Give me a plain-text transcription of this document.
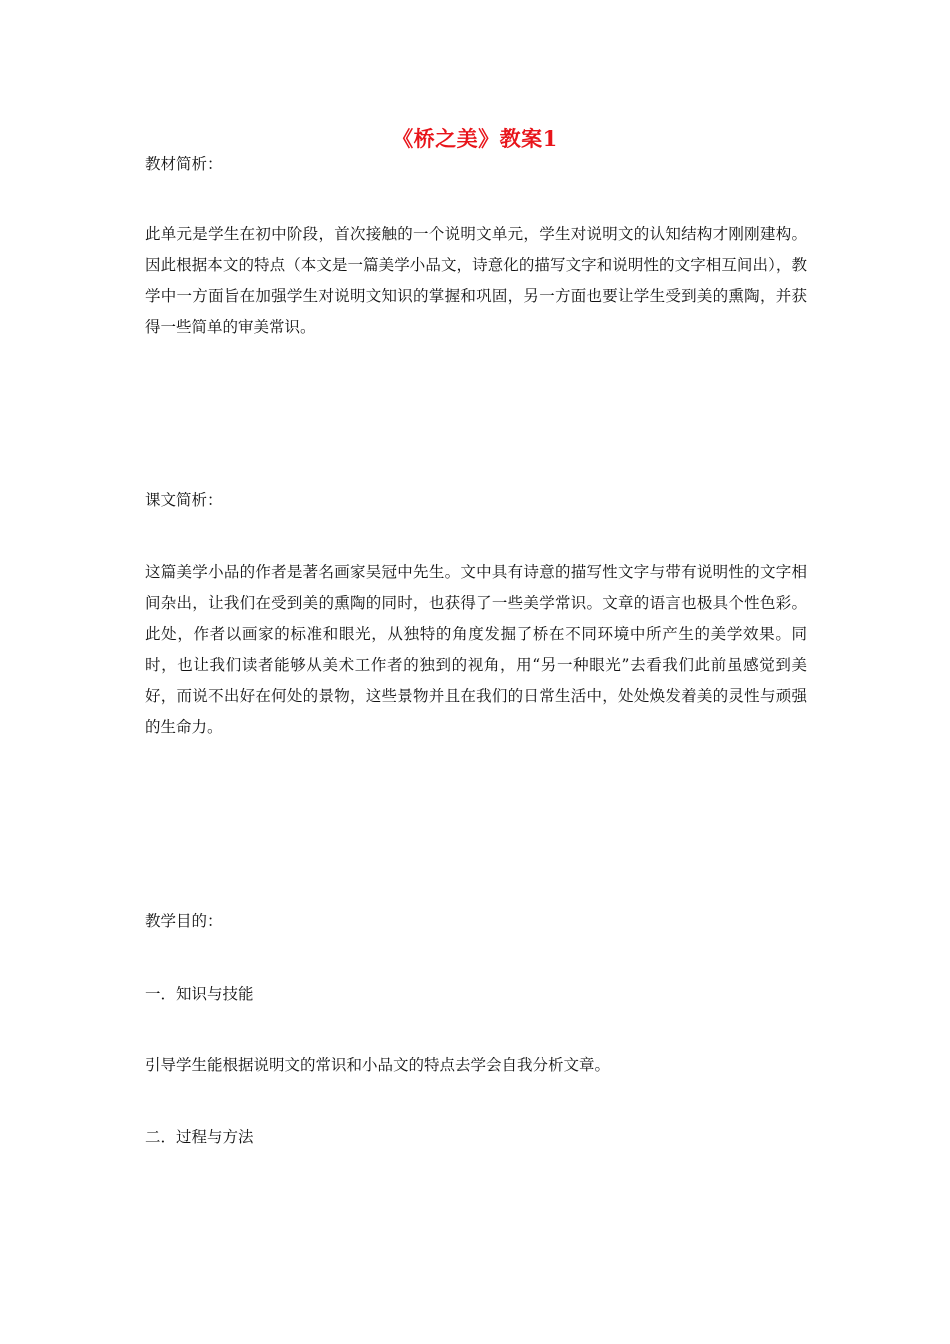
《桥之美》教案1
教材简析：

此单元是学生在初中阶段，首次接触的一个说明文单元，学生对说明文的认知结构才刚刚建构。因此根据本文的特点（本文是一篇美学小品文，诗意化的描写文字和说明性的文字相互间出），教学中一方面旨在加强学生对说明文知识的掌握和巩固，另一方面也要让学生受到美的熏陶，并获得一些简单的审美常识。

课文简析：

这篇美学小品的作者是著名画家吴冠中先生。文中具有诗意的描写性文字与带有说明性的文字相间杂出，让我们在受到美的熏陶的同时，也获得了一些美学常识。文章的语言也极具个性色彩。此处，作者以画家的标准和眼光，从独特的角度发掘了桥在不同环境中所产生的美学效果。同时，也让我们读者能够从美术工作者的独到的视角，用“另一种眼光”去看我们此前虽感觉到美好，而说不出好在何处的景物，这些景物并且在我们的日常生活中，处处焕发着美的灵性与顽强的生命力。

教学目的：
一．知识与技能

引导学生能根据说明文的常识和小品文的特点去学会自我分析文章。

二．过程与方法
